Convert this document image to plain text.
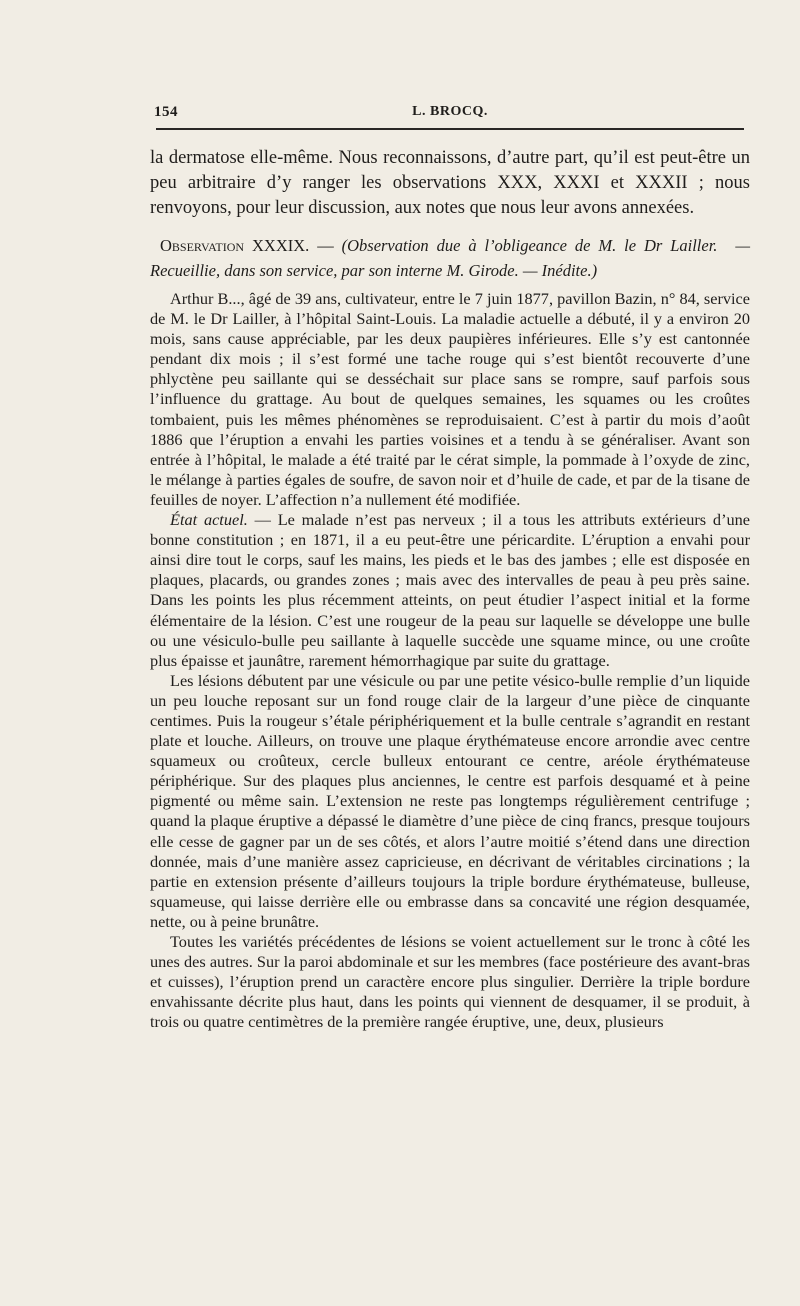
154	L. BROCQ.

la dermatose elle-même. Nous reconnaissons, d’autre part, qu’il est peut-être un peu arbitraire d’y ranger les observations XXX, XXXI et XXXII ; nous renvoyons, pour leur discussion, aux notes que nous leur avons annexées.

Observation XXXIX. — (Observation due à l’obligeance de M. le Dr Lailler. — Recueillie, dans son service, par son interne M. Girode. — Inédite.)

Arthur B..., âgé de 39 ans, cultivateur, entre le 7 juin 1877, pavillon Bazin, n° 84, service de M. le Dr Lailler, à l’hôpital Saint-Louis. La maladie actuelle a débuté, il y a environ 20 mois, sans cause appréciable, par les deux paupières inférieures. Elle s’y est cantonnée pendant dix mois ; il s’est formé une tache rouge qui s’est bientôt recouverte d’une phlyctène peu saillante qui se desséchait sur place sans se rompre, sauf parfois sous l’influence du grattage. Au bout de quelques semaines, les squames ou les croûtes tombaient, puis les mêmes phénomènes se reproduisaient. C’est à partir du mois d’août 1886 que l’éruption a envahi les parties voisines et a tendu à se généraliser. Avant son entrée à l’hôpital, le malade a été traité par le cérat simple, la pommade à l’oxyde de zinc, le mélange à parties égales de soufre, de savon noir et d’huile de cade, et par de la tisane de feuilles de noyer. L’affection n’a nullement été modifiée.

État actuel. — Le malade n’est pas nerveux ; il a tous les attributs extérieurs d’une bonne constitution ; en 1871, il a eu peut-être une péricardite. L’éruption a envahi pour ainsi dire tout le corps, sauf les mains, les pieds et le bas des jambes ; elle est disposée en plaques, placards, ou grandes zones ; mais avec des intervalles de peau à peu près saine. Dans les points les plus récemment atteints, on peut étudier l’aspect initial et la forme élémentaire de la lésion. C’est une rougeur de la peau sur laquelle se développe une bulle ou une vésiculo-bulle peu saillante à laquelle succède une squame mince, ou une croûte plus épaisse et jaunâtre, rarement hémorrhagique par suite du grattage.

Les lésions débutent par une vésicule ou par une petite vésico-bulle remplie d’un liquide un peu louche reposant sur un fond rouge clair de la largeur d’une pièce de cinquante centimes. Puis la rougeur s’étale périphériquement et la bulle centrale s’agrandit en restant plate et louche. Ailleurs, on trouve une plaque érythémateuse encore arrondie avec centre squameux ou croûteux, cercle bulleux entourant ce centre, aréole érythémateuse périphérique. Sur des plaques plus anciennes, le centre est parfois desquamé et à peine pigmenté ou même sain. L’extension ne reste pas longtemps régulièrement centrifuge ; quand la plaque éruptive a dépassé le diamètre d’une pièce de cinq francs, presque toujours elle cesse de gagner par un de ses côtés, et alors l’autre moitié s’étend dans une direction donnée, mais d’une manière assez capricieuse, en décrivant de véritables circinations ; la partie en extension présente d’ailleurs toujours la triple bordure érythémateuse, bulleuse, squameuse, qui laisse derrière elle ou embrasse dans sa concavité une région desquamée, nette, ou à peine brunâtre.

Toutes les variétés précédentes de lésions se voient actuellement sur le tronc à côté les unes des autres. Sur la paroi abdominale et sur les membres (face postérieure des avant-bras et cuisses), l’éruption prend un caractère encore plus singulier. Derrière la triple bordure envahissante décrite plus haut, dans les points qui viennent de desquamer, il se produit, à trois ou quatre centimètres de la première rangée éruptive, une, deux, plusieurs
